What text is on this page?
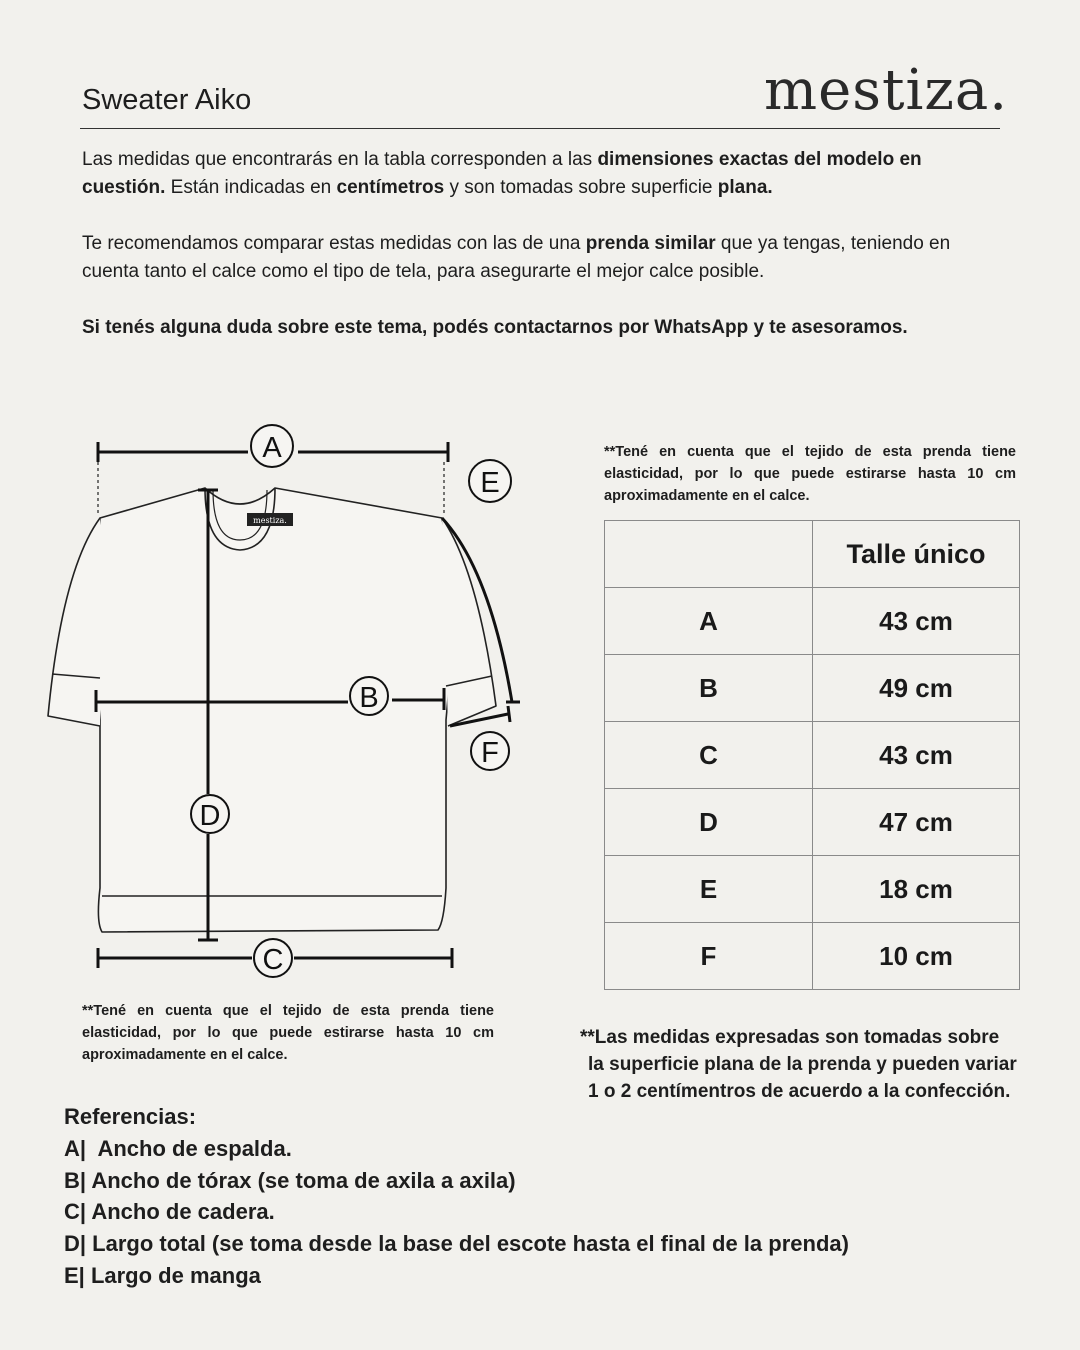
Sweater Aiko	mestiza.
Las medidas que encontrarás en la tabla corresponden a las dimensiones exactas del modelo en cuestión. Están indicadas en centímetros y son tomadas sobre superficie plana.
Te recomendamos comparar estas medidas con las de una prenda similar que ya tengas, teniendo en cuenta tanto el calce como el tipo de tela, para asegurarte el mejor calce posible.
Si tenés alguna duda sobre este tema, podés contactarnos por WhatsApp y te asesoramos.
mestiza.
A
E
B
F
D
C
**Tené en cuenta que el tejido de esta prenda tiene elasticidad, por lo que puede estirarse hasta 10 cm aproximadamente en el calce.
	Talle único
A	43 cm
B	49 cm
C	43 cm
D	47 cm
E	18 cm
F	10 cm
**Tené en cuenta que el tejido de esta prenda tiene elasticidad, por lo que puede estirarse hasta 10 cm aproximadamente en el calce.
**Las medidas expresadas son tomadas sobre
la superficie plana de la prenda y pueden variar
1 o 2 centímentros de acuerdo a la confección.
Referencias:
A|  Ancho de espalda.
B| Ancho de tórax (se toma de axila a axila)
C| Ancho de cadera.
D| Largo total (se toma desde la base del escote hasta el final de la prenda)
E| Largo de manga
